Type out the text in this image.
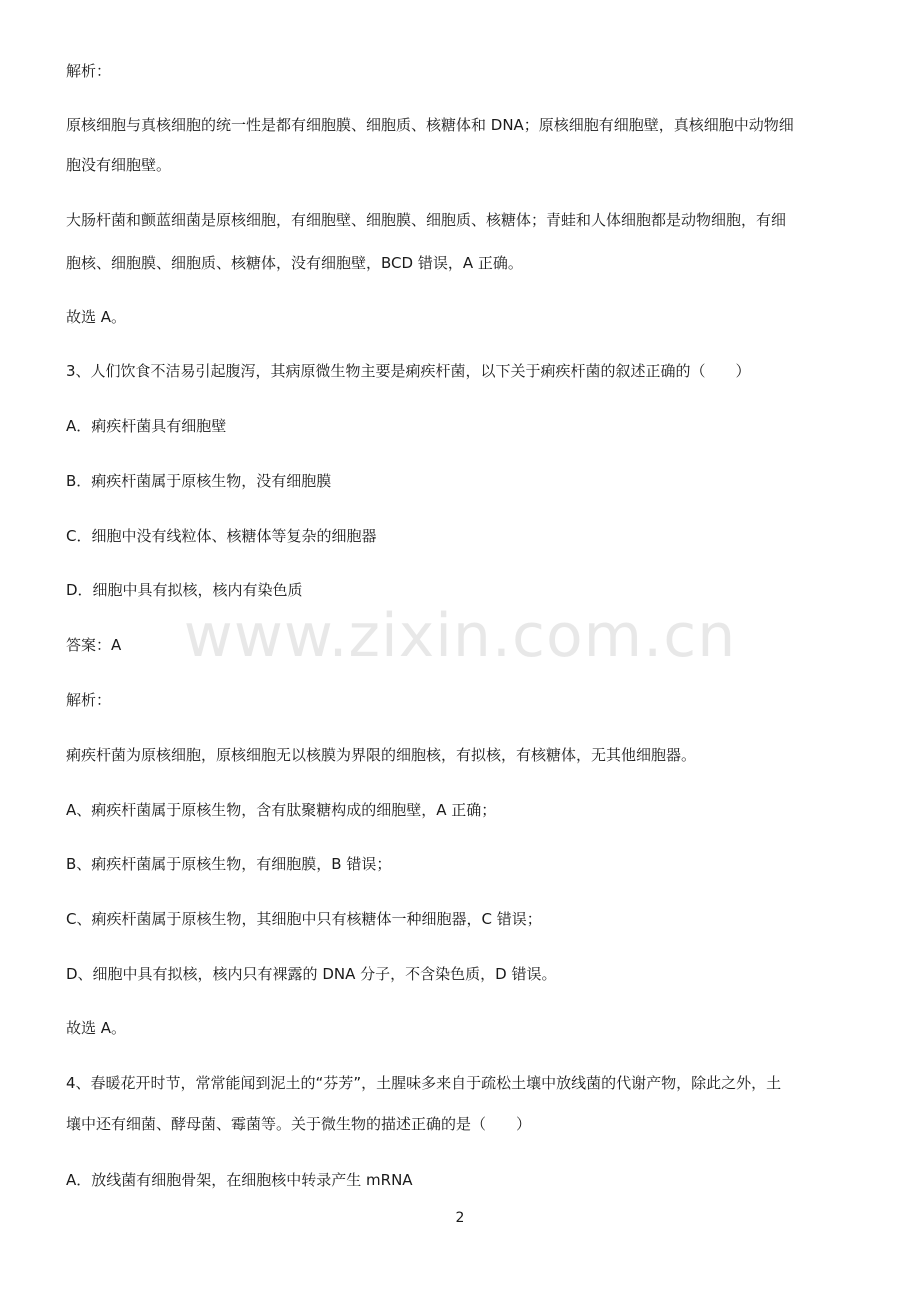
解析：
原核细胞与真核细胞的统一性是都有细胞膜、细胞质、核糖体和 DNA；原核细胞有细胞壁，真核细胞中动物细
胞没有细胞壁。
大肠杆菌和颤蓝细菌是原核细胞，有细胞壁、细胞膜、细胞质、核糖体；青蛙和人体细胞都是动物细胞，有细
胞核、细胞膜、细胞质、核糖体，没有细胞壁，BCD 错误，A 正确。
故选 A。
3、人们饮食不洁易引起腹泻，其病原微生物主要是痢疾杆菌，以下关于痢疾杆菌的叙述正确的（　　）
A．痢疾杆菌具有细胞壁
B．痢疾杆菌属于原核生物，没有细胞膜
C．细胞中没有线粒体、核糖体等复杂的细胞器
D．细胞中具有拟核，核内有染色质
答案：A
解析：
痢疾杆菌为原核细胞，原核细胞无以核膜为界限的细胞核，有拟核，有核糖体，无其他细胞器。
A、痢疾杆菌属于原核生物，含有肽聚糖构成的细胞壁，A 正确；
B、痢疾杆菌属于原核生物，有细胞膜，B 错误；
C、痢疾杆菌属于原核生物，其细胞中只有核糖体一种细胞器，C 错误；
D、细胞中具有拟核，核内只有裸露的 DNA 分子，不含染色质，D 错误。
故选 A。
4、春暖花开时节，常常能闻到泥土的“芬芳”，土腥味多来自于疏松土壤中放线菌的代谢产物，除此之外，土
壤中还有细菌、酵母菌、霉菌等。关于微生物的描述正确的是（　　）
A．放线菌有细胞骨架，在细胞核中转录产生 mRNA
www.zixin.com.cn
2
